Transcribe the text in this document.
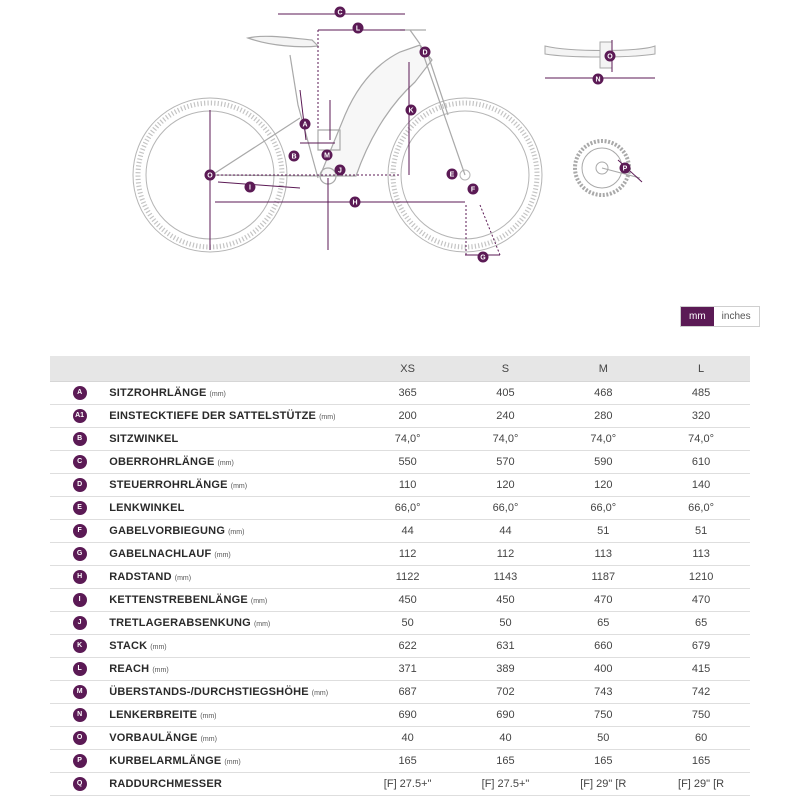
A
B
C
L
D
K
M
J
E
F
O
I
H
G
O
N
P
mm	inches
		XS	S	M	L
A	SITZROHRLÄNGE (mm)	365	405	468	485
A1	EINSTECKTIEFE DER SATTELSTÜTZE (mm)	200	240	280	320
B	SITZWINKEL	74,0°	74,0°	74,0°	74,0°
C	OBERROHRLÄNGE (mm)	550	570	590	610
D	STEUERROHRLÄNGE (mm)	110	120	120	140
E	LENKWINKEL	66,0°	66,0°	66,0°	66,0°
F	GABELVORBIEGUNG (mm)	44	44	51	51
G	GABELNACHLAUF (mm)	112	112	113	113
H	RADSTAND (mm)	1122	1143	1187	1210
I	KETTENSTREBENLÄNGE (mm)	450	450	470	470
J	TRETLAGERABSENKUNG (mm)	50	50	65	65
K	STACK (mm)	622	631	660	679
L	REACH (mm)	371	389	400	415
M	ÜBERSTANDS-/DURCHSTIEGSHÖHE (mm)	687	702	743	742
N	LENKERBREITE (mm)	690	690	750	750
O	VORBAULÄNGE (mm)	40	40	50	60
P	KURBELARMLÄNGE (mm)	165	165	165	165
Q	RADDURCHMESSER	[F] 27.5+"	[F] 27.5+"	[F] 29" [R	[F] 29" [R
